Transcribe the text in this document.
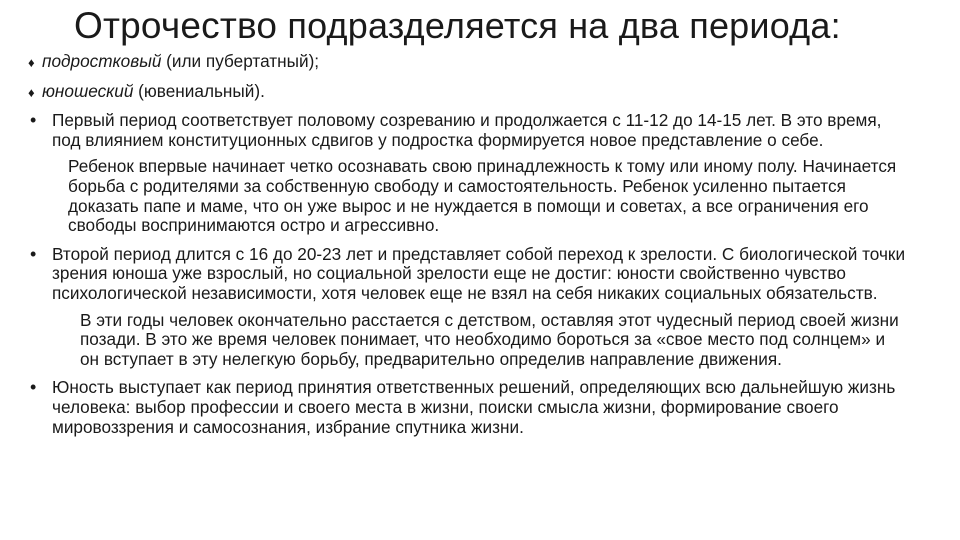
Отрочество подразделяется на два периода:
♦ подростковый (или пубертатный);
♦ юношеский (ювениальный).
• Первый период соответствует половому созреванию и продолжается с 11-12 до 14-15 лет. В это время, под влиянием конституционных сдвигов у подростка формируется новое представление о себе.

Ребенок впервые начинает четко осознавать свою принадлежность к тому или иному полу. Начинается борьба с родителями за собственную свободу и самостоятельность. Ребенок усиленно пытается доказать папе и маме, что он уже вырос и не нуждается в помощи и советах, а все ограничения его свободы воспринимаются остро и агрессивно.

• Второй период длится с 16 до 20-23 лет и представляет собой переход к зрелости. С биологической точки зрения юноша уже взрослый, но социальной зрелости еще не достиг: юности свойственно чувство психологической независимости, хотя человек еще не взял на себя никаких социальных обязательств.

В эти годы человек окончательно расстается с детством, оставляя этот чудесный период своей жизни позади. В это же время человек понимает, что необходимо бороться за «свое место под солнцем» и он вступает в эту нелегкую борьбу, предварительно определив направление движения.

• Юность выступает как период принятия ответственных решений, определяющих всю дальнейшую жизнь человека: выбор профессии и своего места в жизни, поиски смысла жизни, формирование своего мировоззрения и самосознания, избрание спутника жизни.
